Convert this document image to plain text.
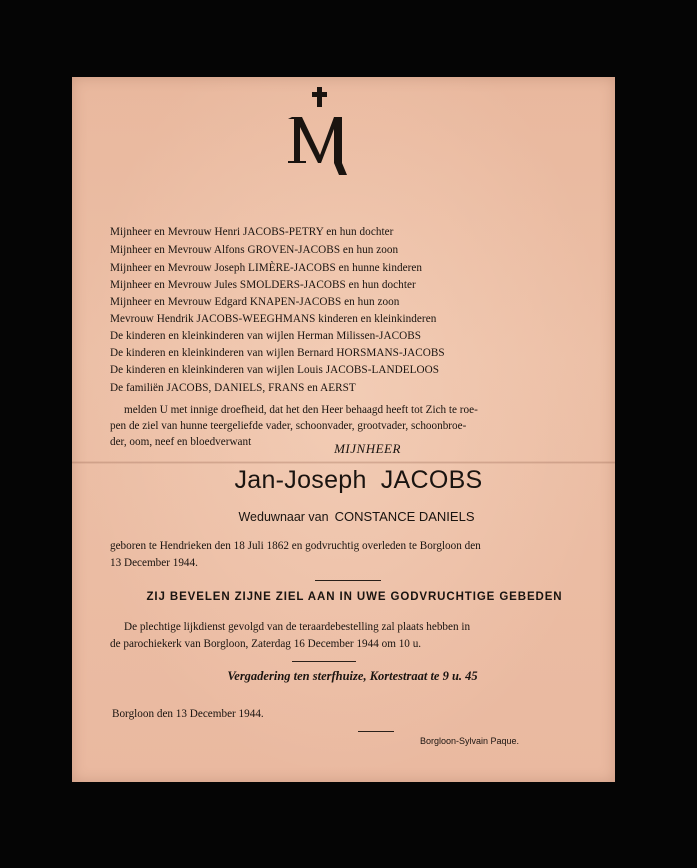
Mijnheer en Mevrouw Henri JACOBS-PETRY en hun dochter
Mijnheer en Mevrouw Alfons GROVEN-JACOBS en hun zoon
Mijnheer en Mevrouw Joseph LIMÈRE-JACOBS en hunne kinderen
Mijnheer en Mevrouw Jules SMOLDERS-JACOBS en hun dochter
Mijnheer en Mevrouw Edgard KNAPEN-JACOBS en hun zoon
Mevrouw Hendrik JACOBS-WEEGHMANS kinderen en kleinkinderen
De kinderen en kleinkinderen van wijlen Herman Milissen-JACOBS
De kinderen en kleinkinderen van wijlen Bernard HORSMANS-JACOBS
De kinderen en kleinkinderen van wijlen Louis JACOBS-LANDELOOS
De familiën JACOBS, DANIELS, FRANS en AERST
melden U met innige droefheid, dat het den Heer behaagd heeft tot Zich te roe-
pen de ziel van hunne teergeliefde vader, schoonvader, grootvader, schoonbroe-
der, oom, neef en bloedverwant	MIJNHEER
Jan-Joseph JACOBS
Weduwnaar van CONSTANCE DANIELS
geboren te Hendrieken den 18 Juli 1862 en godvruchtig overleden te Borgloon den
13 December 1944.
ZIJ BEVELEN ZIJNE ZIEL AAN IN UWE GODVRUCHTIGE GEBEDEN
De plechtige lijkdienst gevolgd van de teraardebestelling zal plaats hebben in
de parochiekerk van Borgloon, Zaterdag 16 December 1944 om 10 u.
Vergadering ten sterfhuize, Kortestraat te 9 u. 45
Borgloon den 13 December 1944.
Borgloon-Sylvain Paque.
